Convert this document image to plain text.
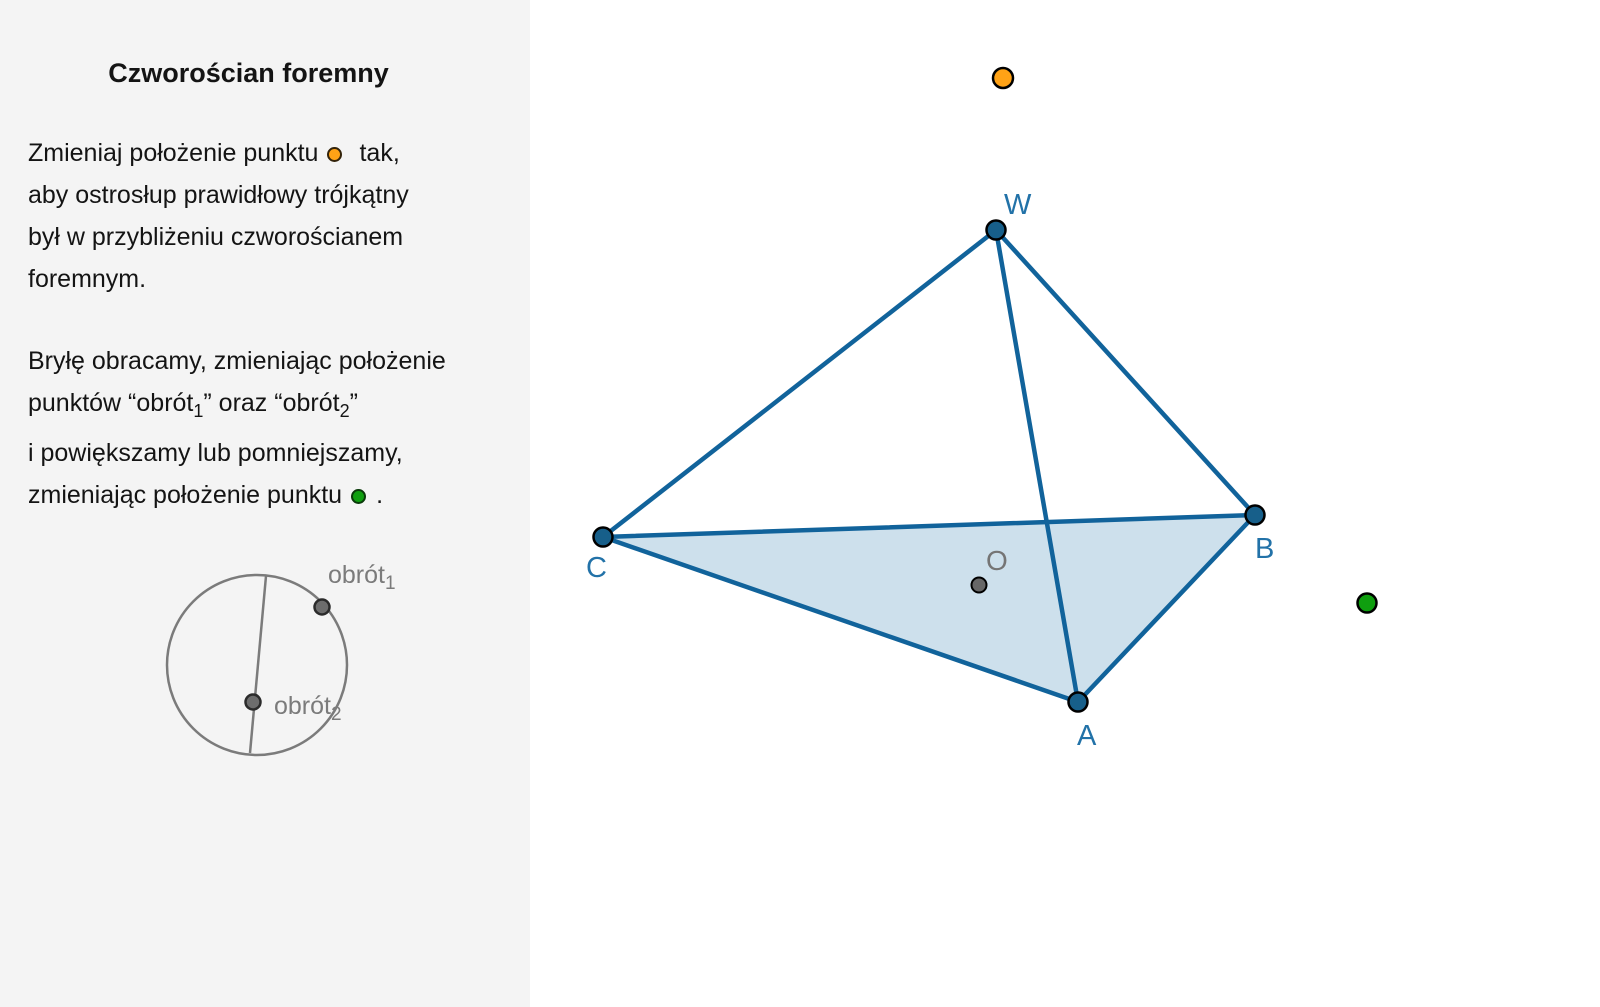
Czworościan foremny
Zmieniaj położenie punktu tak,
aby ostrosłup prawidłowy trójkątny
był w przybliżeniu czworościanem
foremnym.
Bryłę obracamy, zmieniając położenie
punktów “obrót$_1$” oraz “obrót$_2$”
i powiększamy lub pomniejszamy,
zmieniając położenie punktu .
obrót$_1$
obrót$_2$
W
C
B
A
O
